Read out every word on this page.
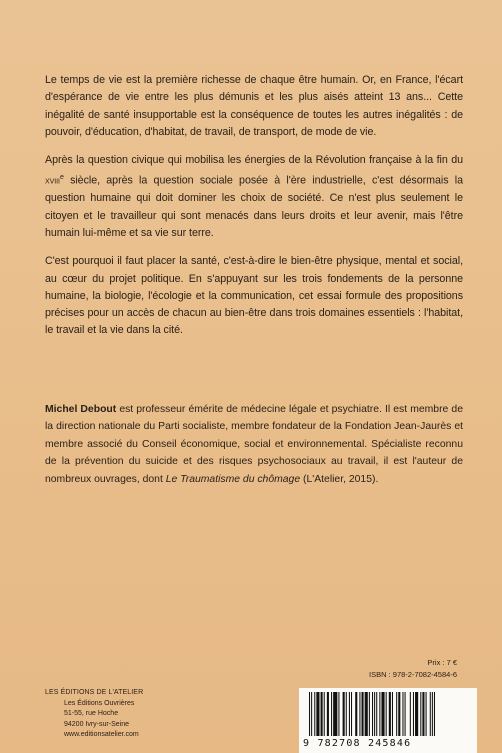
Le temps de vie est la première richesse de chaque être humain. Or, en France, l'écart d'espérance de vie entre les plus démunis et les plus aisés atteint 13 ans... Cette inégalité de santé insupportable est la conséquence de toutes les autres inégalités : de pouvoir, d'éducation, d'habitat, de travail, de transport, de mode de vie.

Après la question civique qui mobilisa les énergies de la Révolution française à la fin du xviii$^e$ siècle, après la question sociale posée à l'ère industrielle, c'est désormais la question humaine qui doit dominer les choix de société. Ce n'est plus seulement le citoyen et le travailleur qui sont menacés dans leurs droits et leur avenir, mais l'être humain lui-même et sa vie sur terre.

C'est pourquoi il faut placer la santé, c'est-à-dire le bien-être physique, mental et social, au cœur du projet politique. En s'appuyant sur les trois fondements de la personne humaine, la biologie, l'écologie et la communication, cet essai formule des propositions précises pour un accès de chacun au bien-être dans trois domaines essentiels : l'habitat, le travail et la vie dans la cité.

Michel Debout est professeur émérite de médecine légale et psychiatre. Il est membre de la direction nationale du Parti socialiste, membre fondateur de la Fondation Jean-Jaurès et membre associé du Conseil économique, social et environnemental. Spécialiste reconnu de la prévention du suicide et des risques psychosociaux au travail, il est l'auteur de nombreux ouvrages, dont Le Traumatisme du chômage (L'Atelier, 2015).
Prix : 7 €
ISBN : 978-2-7082-4584-6
LES ÉDITIONS DE L'ATELIER
Les Éditions Ouvrières
51-55, rue Hoche
94200 Ivry-sur-Seine
www.editionsatelier.com
9 782708 245846
